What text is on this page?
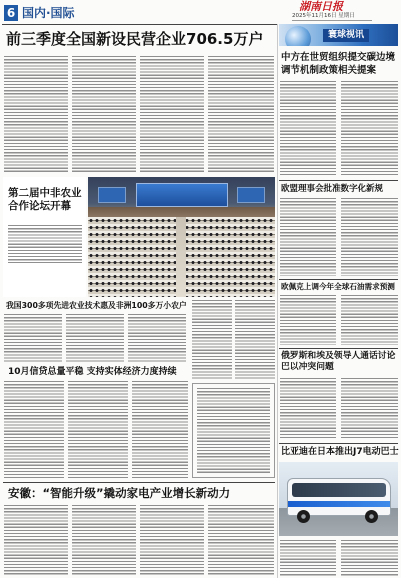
6 国内·国际	湖南日报
2025年11月16日 星期日
前三季度全国新设民营企业706.5万户
第二届中非农业
合作论坛开幕
我国300多项先进农业技术惠及非洲100多万小农户
10月信贷总量平稳 支持实体经济力度持续
安徽：“智能升级”撬动家电产业增长新动力
寰球视讯
中方在世贸组织提交碳边境
调节机制政策相关提案
欧盟理事会批准数字化新规
欧佩克上调今年全球石油需求预测
俄罗斯和埃及领导人通话讨论
巴以冲突问题
比亚迪在日本推出J7电动巴士
